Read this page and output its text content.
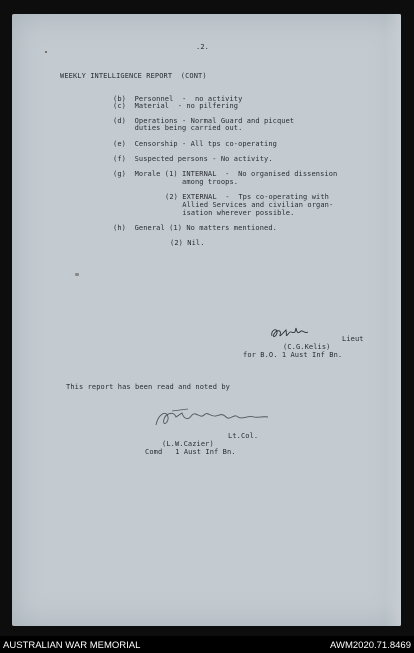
.2.
WEEKLY INTELLIGENCE REPORT  (CONT)
(b)  Personnel  -  no activity
(c)  Material  - no pilfering
(d)  Operations - Normal Guard and picquet
duties being carried out.
(e)  Censorship - All tps co-operating
(f)  Suspected persons - No activity.
(g)  Morale (1) INTERNAL  -  No organised dissension
among troops.
(2) EXTERNAL  -  Tps co-operating with
Allied Services and civilian organ-
isation wherever possible.
(h)  General (1) No matters mentioned.
(2) Nil.
Lieut
(C.G.Kelis)
for B.O. 1 Aust Inf Bn.
This report has been read and noted by
Lt.Col.
(L.W.Cazier)
Comd   1 Aust Inf Bn.
AUSTRALIAN WAR MEMORIAL	AWM2020.71.8469
